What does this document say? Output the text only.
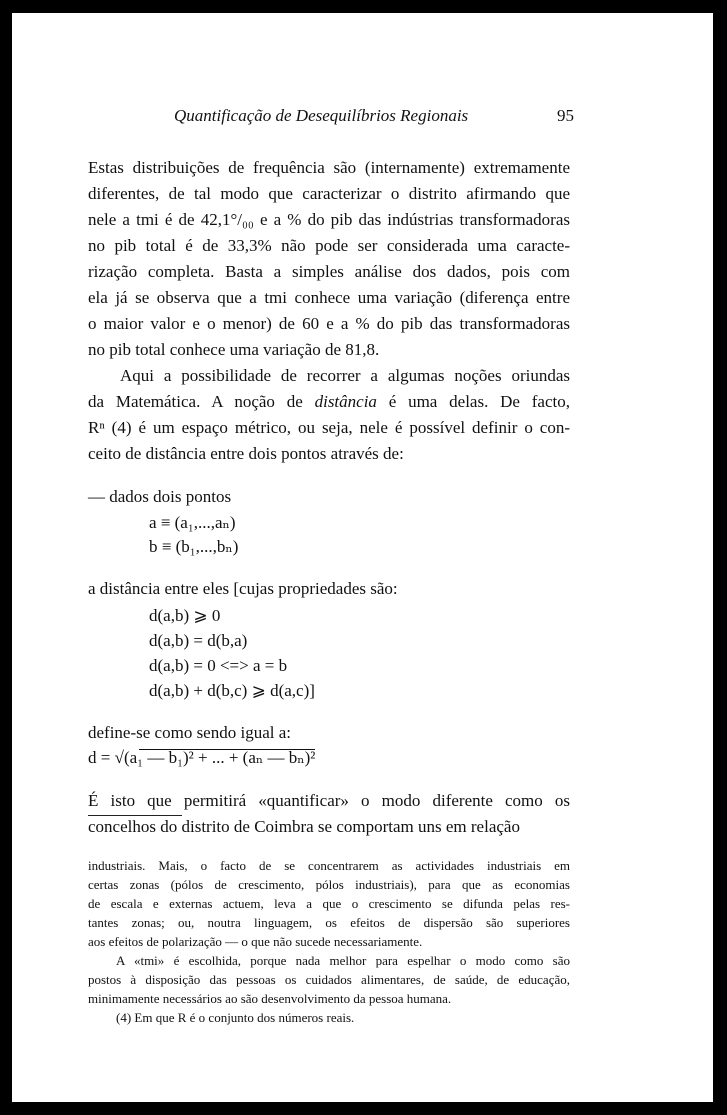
Quantificação de Desequilíbrios Regionais	95
Estas distribuições de frequência são (internamente) extremamente
diferentes, de tal modo que caracterizar o distrito afirmando que
nele a tmi é de 42,1°/₀₀ e a % do pib das indústrias transformadoras
no pib total é de 33,3% não pode ser considerada uma caracte-
rização completa. Basta a simples análise dos dados, pois com
ela já se observa que a tmi conhece uma variação (diferença entre
o maior valor e o menor) de 60 e a % do pib das transformadoras
no pib total conhece uma variação de 81,8.
Aqui a possibilidade de recorrer a algumas noções oriundas
da Matemática. A noção de distância é uma delas. De facto,
Rⁿ (4) é um espaço métrico, ou seja, nele é possível definir o con-
ceito de distância entre dois pontos através de:
— dados dois pontos
a ≡ (a₁,...,aₙ)
b ≡ (b₁,...,bₙ)
a distância entre eles [cujas propriedades são:
d(a,b) ⩾ 0
d(a,b) = d(b,a)
d(a,b) = 0 <=> a = b
d(a,b) + d(b,c) ⩾ d(a,c)]
define-se como sendo igual a:
d = √(a₁ — b₁)² + ... + (aₙ — bₙ)²
É isto que permitirá «quantificar» o modo diferente como os
concelhos do distrito de Coimbra se comportam uns em relação
industriais. Mais, o facto de se concentrarem as actividades industriais em
certas zonas (pólos de crescimento, pólos industriais), para que as economias
de escala e externas actuem, leva a que o crescimento se difunda pelas res-
tantes zonas; ou, noutra linguagem, os efeitos de dispersão são superiores
aos efeitos de polarização — o que não sucede necessariamente.
A «tmi» é escolhida, porque nada melhor para espelhar o modo como são
postos à disposição das pessoas os cuidados alimentares, de saúde, de educação,
minimamente necessários ao são desenvolvimento da pessoa humana.
(4) Em que R é o conjunto dos números reais.
